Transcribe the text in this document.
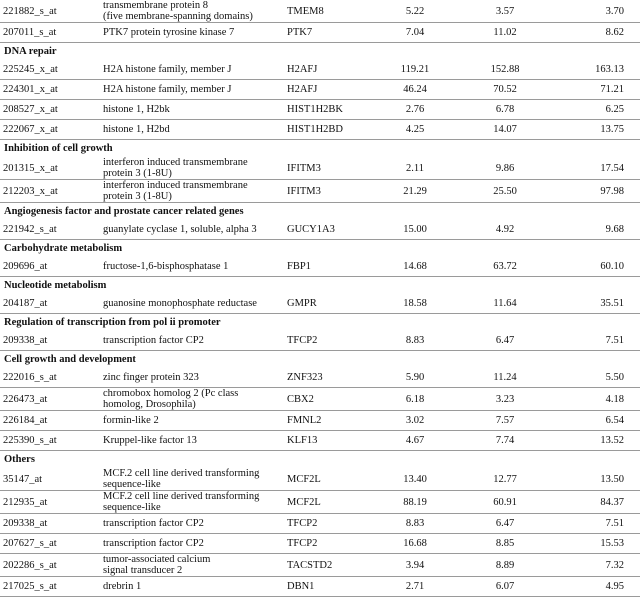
221882_s_at	transmembrane protein 8
(five membrane-spanning domains)	TMEM8	5.22	3.57	3.70
207011_s_at	PTK7 protein tyrosine kinase 7	PTK7	7.04	11.02	8.62
DNA repair					
225245_x_at	H2A histone family, member J	H2AFJ	119.21	152.88	163.13
224301_x_at	H2A histone family, member J	H2AFJ	46.24	70.52	71.21
208527_x_at	histone 1, H2bk	HIST1H2BK	2.76	6.78	6.25
222067_x_at	histone 1, H2bd	HIST1H2BD	4.25	14.07	13.75
Inhibition of cell growth					
201315_x_at	interferon induced transmembrane
protein 3 (1-8U)	IFITM3	2.11	9.86	17.54
212203_x_at	interferon induced transmembrane
protein 3 (1-8U)	IFITM3	21.29	25.50	97.98
Angiogenesis factor and prostate cancer related genes					
221942_s_at	guanylate cyclase 1, soluble, alpha 3	GUCY1A3	15.00	4.92	9.68
Carbohydrate metabolism					
209696_at	fructose-1,6-bisphosphatase 1	FBP1	14.68	63.72	60.10
Nucleotide metabolism					
204187_at	guanosine monophosphate reductase	GMPR	18.58	11.64	35.51
Regulation of transcription from pol ii promoter					
209338_at	transcription factor CP2	TFCP2	8.83	6.47	7.51
Cell growth and development					
222016_s_at	zinc finger protein 323	ZNF323	5.90	11.24	5.50
226473_at	chromobox homolog 2 (Pc class
homolog, Drosophila)	CBX2	6.18	3.23	4.18
226184_at	formin-like 2	FMNL2	3.02	7.57	6.54
225390_s_at	Kruppel-like factor 13	KLF13	4.67	7.74	13.52
Others					
35147_at	MCF.2 cell line derived transforming
sequence-like	MCF2L	13.40	12.77	13.50
212935_at	MCF.2 cell line derived transforming
sequence-like	MCF2L	88.19	60.91	84.37
209338_at	transcription factor CP2	TFCP2	8.83	6.47	7.51
207627_s_at	transcription factor CP2	TFCP2	16.68	8.85	15.53
202286_s_at	tumor-associated calcium
signal transducer 2	TACSTD2	3.94	8.89	7.32
217025_s_at	drebrin 1	DBN1	2.71	6.07	4.95
